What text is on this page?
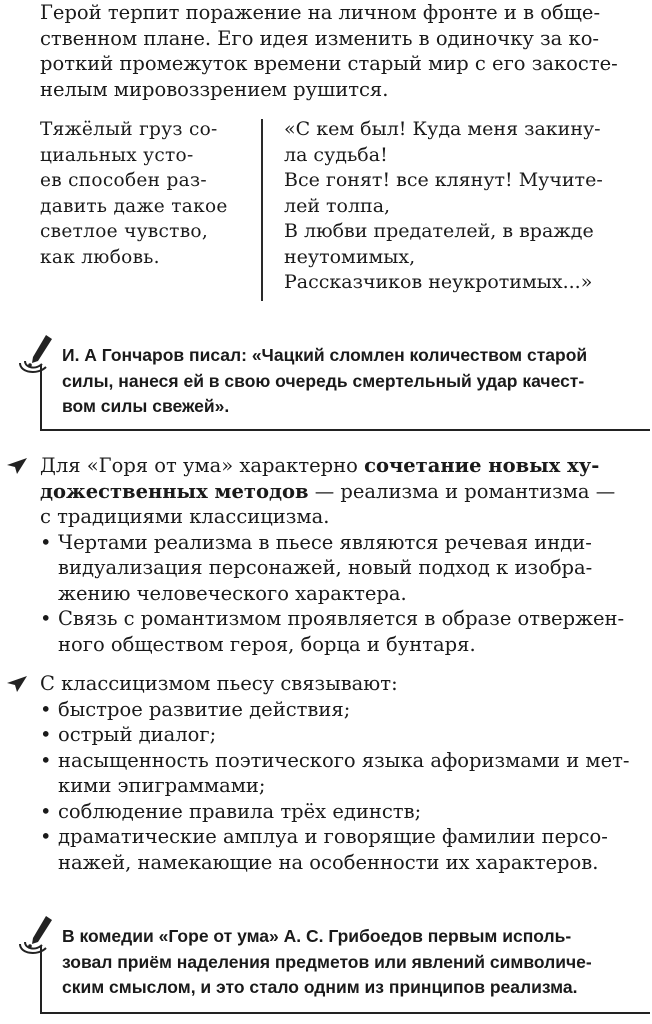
Герой терпит поражение на личном фронте и в обще-
ственном плане. Его идея изменить в одиночку за ко-
роткий промежуток времени старый мир с его закосте-
нелым мировоззрением рушится.
Тяжёлый груз со-
циальных усто-
ев способен раз-
давить даже такое
светлое чувство,
как любовь.
«С кем был! Куда меня закину-
ла судьба!
Все гонят! все клянут! Мучите-
лей толпа,
В любви предателей, в вражде
неутомимых,
Рассказчиков неукротимых...»
И. А Гончаров писал: «Чацкий сломлен количеством старой
силы, нанеся ей в свою очередь смертельный удар качест-
вом силы свежей».
Для «Горя от ума» характерно сочетание новых ху-
дожественных методов — реализма и романтизма —
с традициями классицизма.
• Чертами реализма в пьесе являются речевая инди-
видуализация персонажей, новый подход к изобра-
жению человеческого характера.
• Связь с романтизмом проявляется в образе отвержен-
ного обществом героя, борца и бунтаря.
С классицизмом пьесу связывают:
• быстрое развитие действия;
• острый диалог;
• насыщенность поэтического языка афоризмами и мет-
кими эпиграммами;
• соблюдение правила трёх единств;
• драматические амплуа и говорящие фамилии персо-
нажей, намекающие на особенности их характеров.
В комедии «Горе от ума» А. С. Грибоедов первым исполь-
зовал приём наделения предметов или явлений символиче-
ским смыслом, и это стало одним из принципов реализма.
